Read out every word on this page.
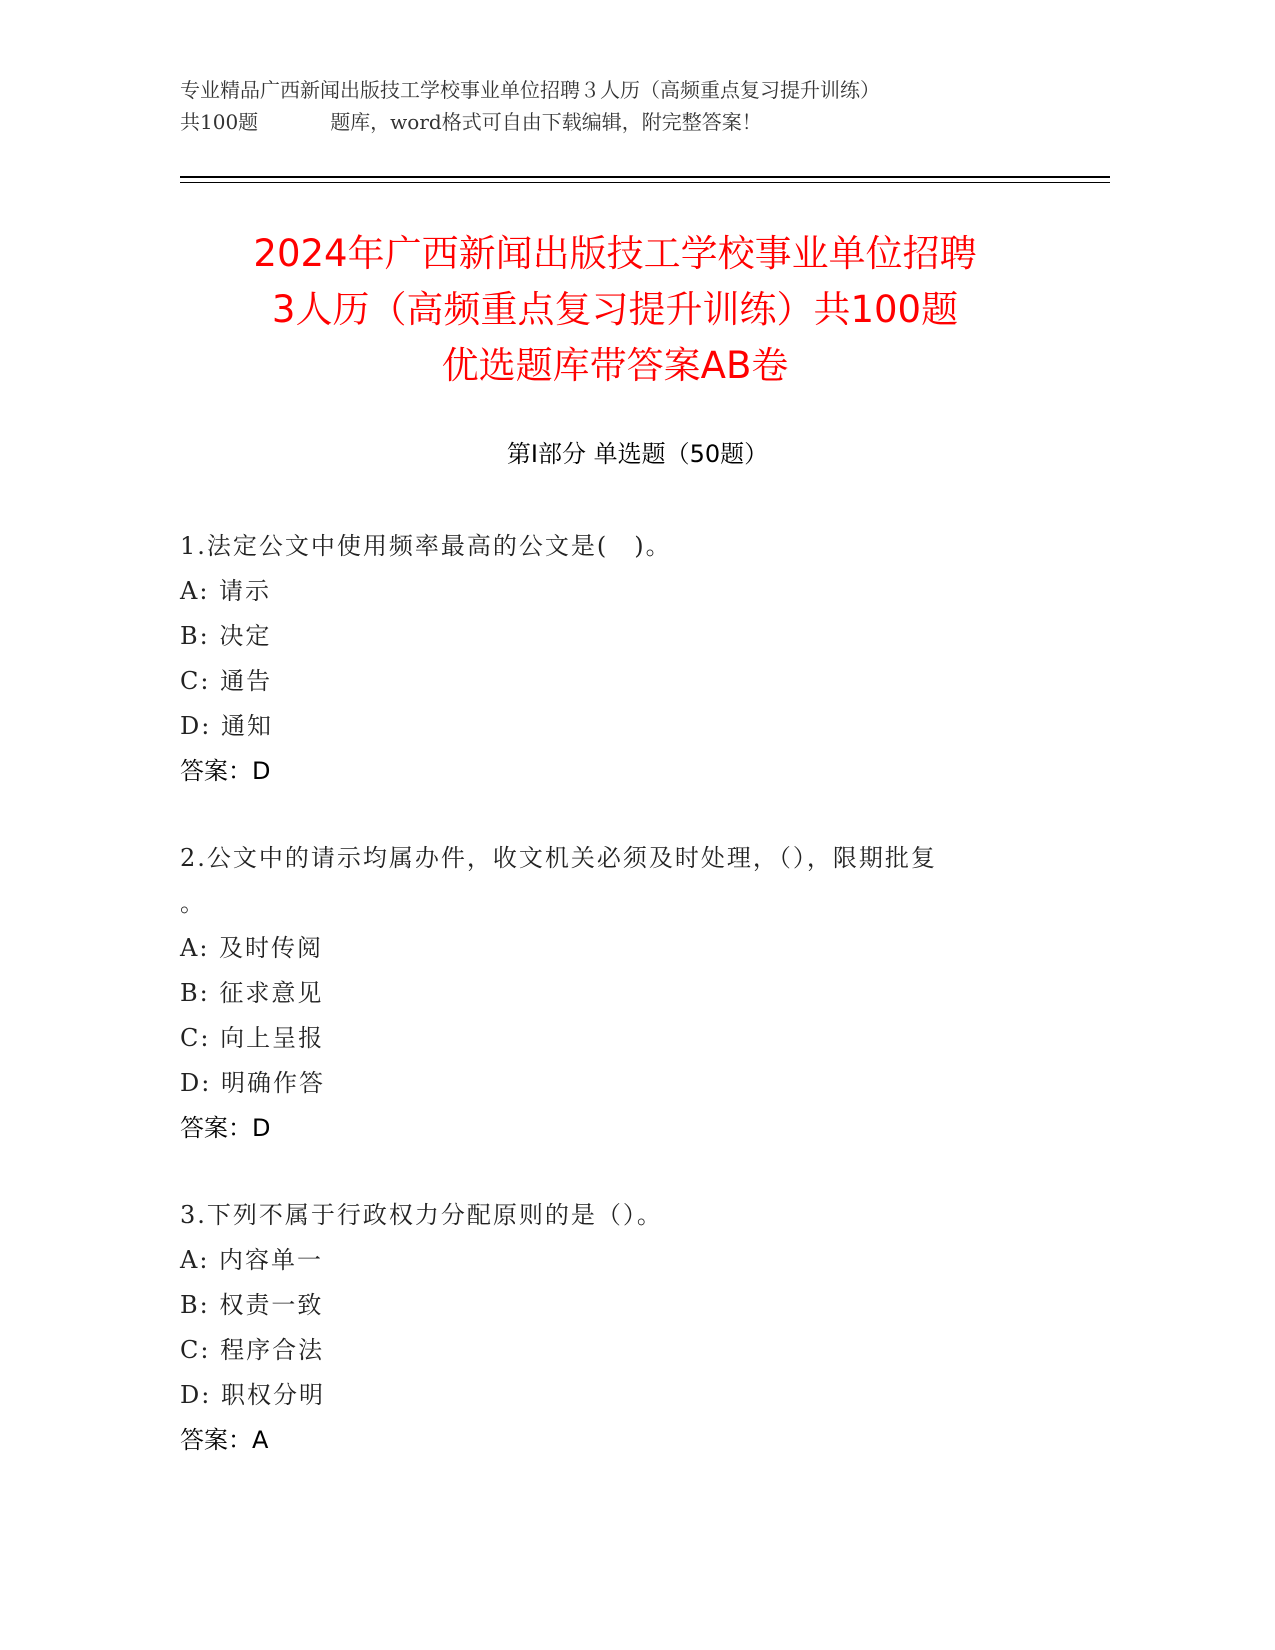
专业精品广西新闻出版技工学校事业单位招聘３人历（高频重点复习提升训练）
共100题	题库，word格式可自由下载编辑，附完整答案！
2024年广西新闻出版技工学校事业单位招聘
3人历（高频重点复习提升训练）共100题
优选题库带答案AB卷
第Ⅰ部分 单选题（50题）

1.法定公文中使用频率最高的公文是(　)。

A: 请示

B: 决定

C: 通告

D: 通知

答案：D

2.公文中的请示均属办件，收文机关必须及时处理，（），限期批复

。

A: 及时传阅

B: 征求意见

C: 向上呈报

D: 明确作答

答案：D

3.下列不属于行政权力分配原则的是（）。

A: 内容单一

B: 权责一致

C: 程序合法

D: 职权分明

答案：A
